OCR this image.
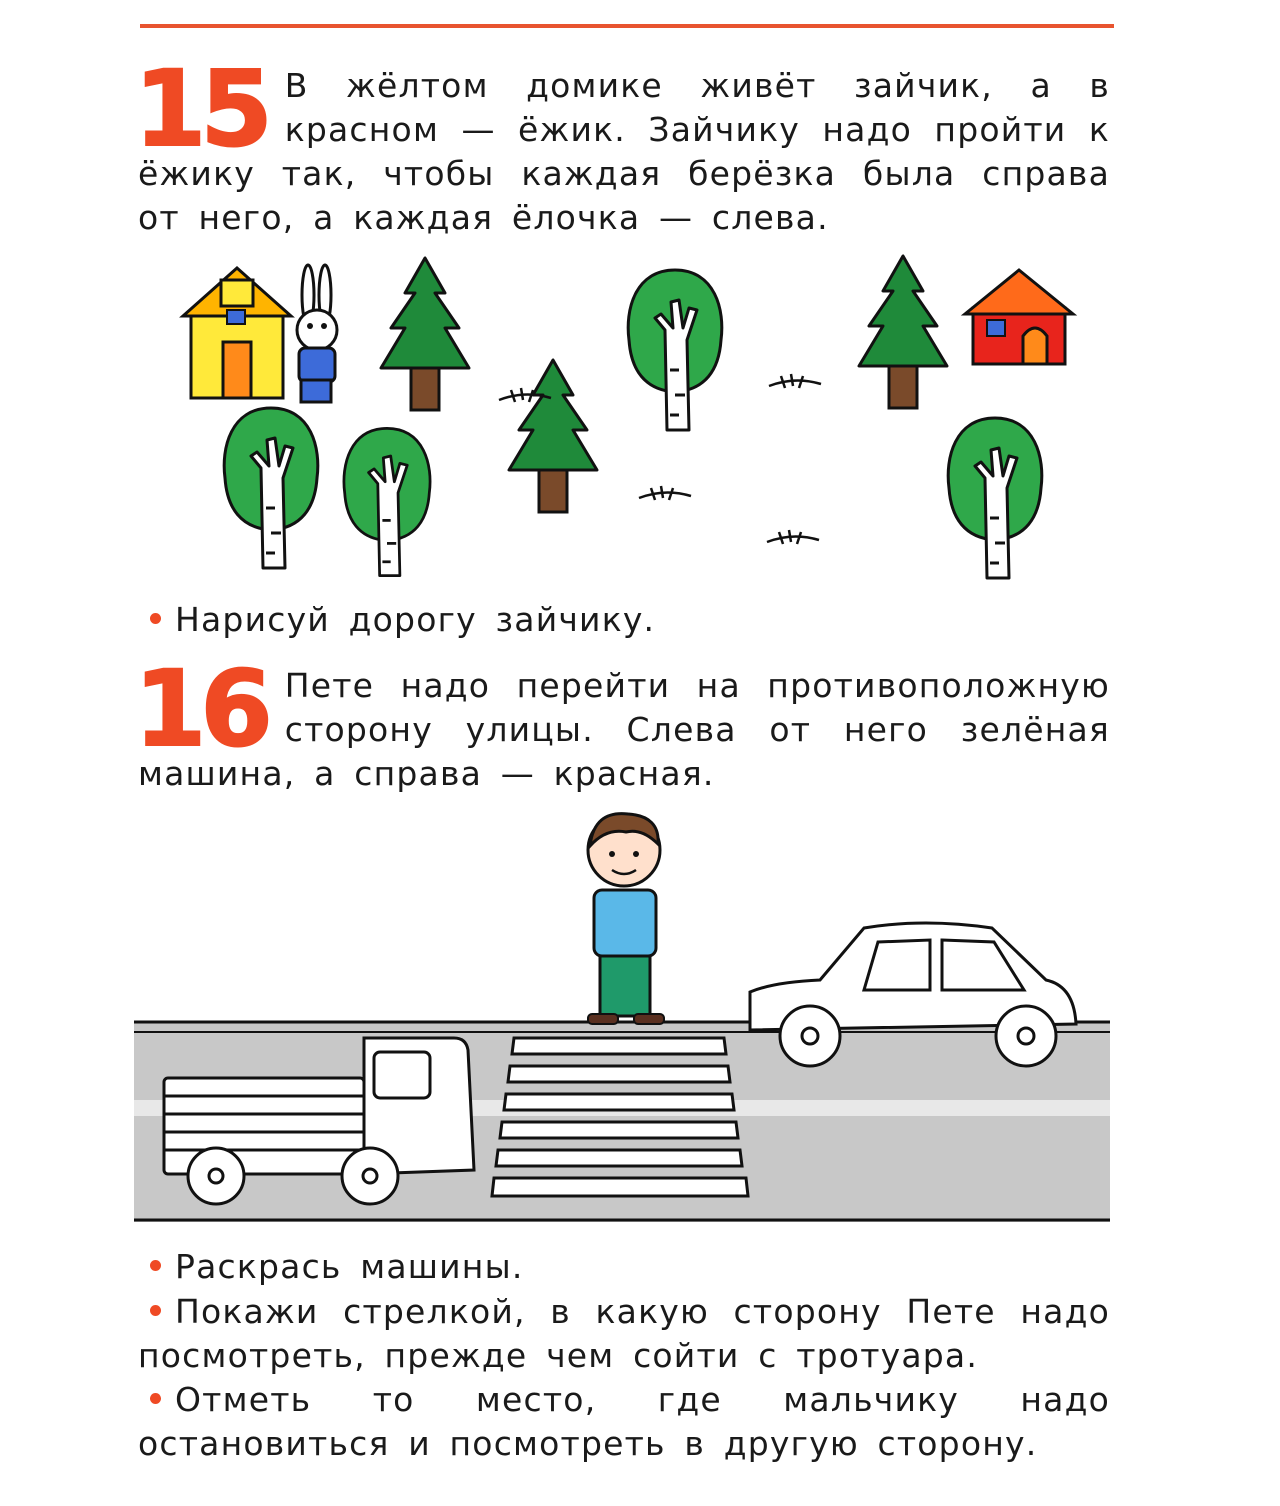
15 В жёлтом домике живёт зайчик, а в красном — ёжик. Зайчику надо пройти к ёжику так, чтобы каждая берёзка была справа от него, а каждая ёлочка — слева.

Нарисуй дорогу зайчику.

16 Пете надо перейти на противоположную сторону улицы. Слева от него зелёная машина, а справа — красная.

Раскрась машины.

Покажи стрелкой, в какую сторону Пете надо посмотреть, прежде чем сойти с тротуара.

Отметь то место, где мальчику надо остановиться и посмотреть в другую сторону.
